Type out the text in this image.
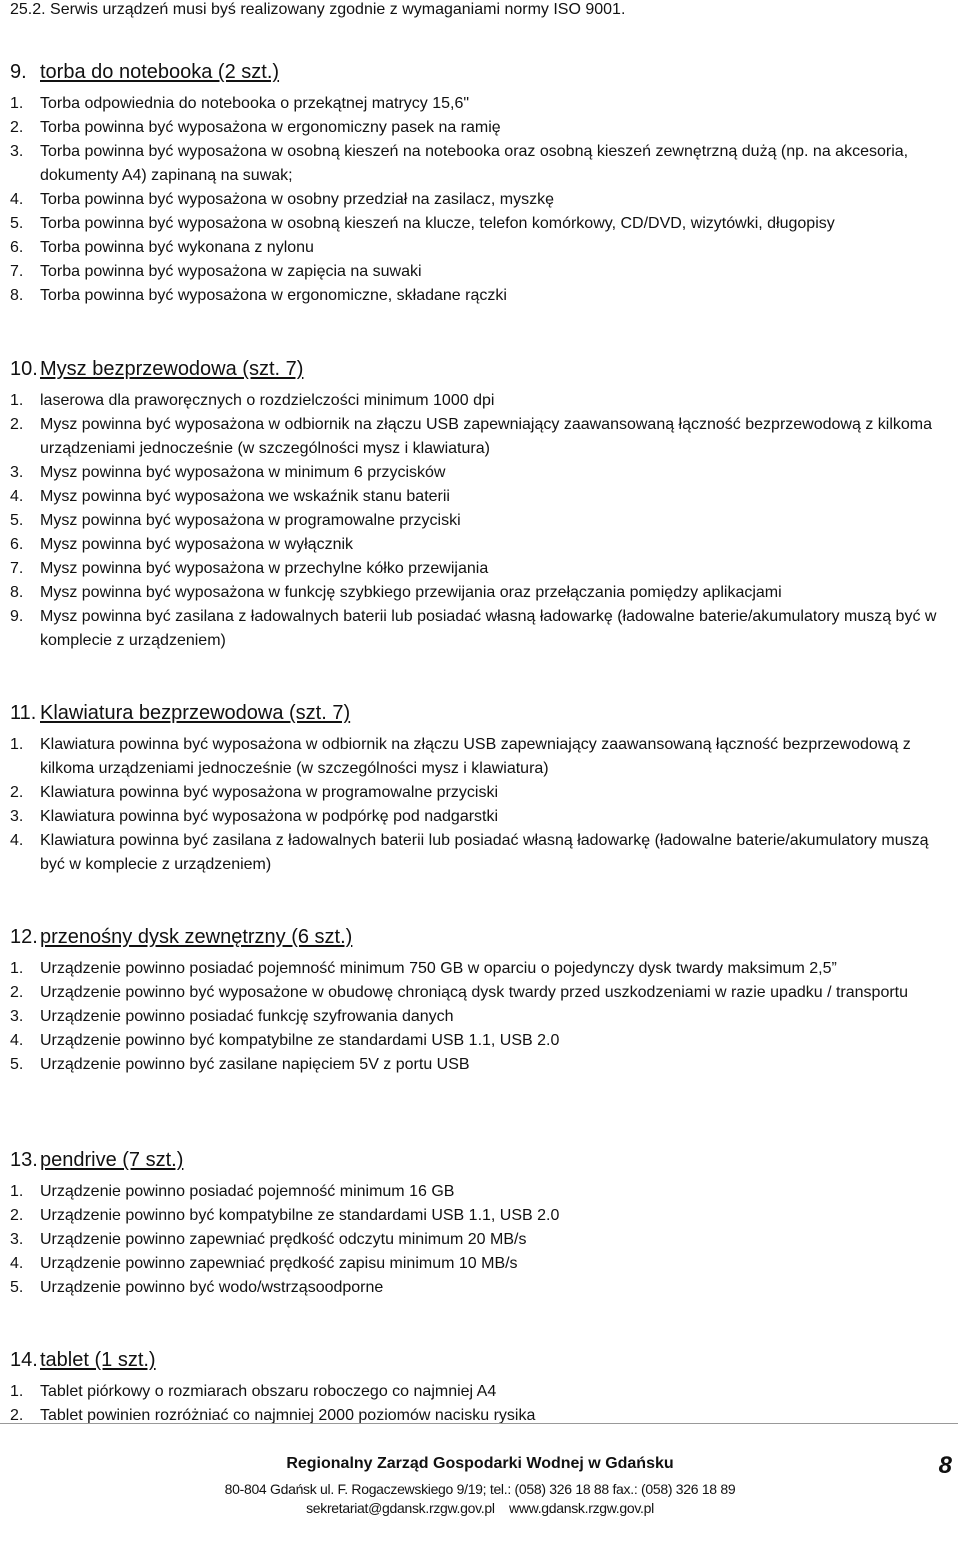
25.2. Serwis urządzeń musi byś realizowany zgodnie z wymaganiami normy ISO 9001.
9. torba do notebooka (2 szt.)
1.	Torba odpowiednia do notebooka o przekątnej matrycy 15,6"
2.	Torba powinna być wyposażona w ergonomiczny pasek na ramię
3.	Torba powinna być wyposażona w osobną kieszeń na notebooka oraz osobną kieszeń zewnętrzną dużą (np. na akcesoria, dokumenty A4) zapinaną na suwak;
4.	Torba powinna być wyposażona w osobny przedział na zasilacz, myszkę
5.	Torba powinna być wyposażona w osobną kieszeń na klucze, telefon komórkowy, CD/DVD, wizytówki, długopisy
6.	Torba powinna być wykonana z nylonu
7.	Torba powinna być wyposażona w zapięcia na suwaki
8.	Torba powinna być wyposażona w ergonomiczne, składane rączki
10. Mysz bezprzewodowa (szt. 7)
1.	laserowa dla praworęcznych o rozdzielczości minimum 1000 dpi
2.	Mysz powinna być wyposażona w odbiornik na złączu USB zapewniający zaawansowaną łączność bezprzewodową z kilkoma urządzeniami jednocześnie (w szczególności mysz i klawiatura)
3.	Mysz powinna być wyposażona w minimum 6 przycisków
4.	Mysz powinna być wyposażona we wskaźnik stanu baterii
5.	Mysz powinna być wyposażona w programowalne przyciski
6.	Mysz powinna być wyposażona w wyłącznik
7.	Mysz powinna być wyposażona w przechylne kółko przewijania
8.	Mysz powinna być wyposażona w funkcję szybkiego przewijania oraz przełączania pomiędzy aplikacjami
9.	Mysz powinna być zasilana z ładowalnych baterii lub posiadać własną ładowarkę (ładowalne baterie/akumulatory muszą być w komplecie z urządzeniem)
11. Klawiatura bezprzewodowa (szt. 7)
1.	Klawiatura powinna być wyposażona w odbiornik na złączu USB zapewniający zaawansowaną łączność bezprzewodową z kilkoma urządzeniami jednocześnie (w szczególności mysz i klawiatura)
2.	Klawiatura powinna być wyposażona w programowalne przyciski
3.	Klawiatura powinna być wyposażona w podpórkę pod nadgarstki
4.	Klawiatura powinna być zasilana z ładowalnych baterii lub posiadać własną ładowarkę (ładowalne baterie/akumulatory muszą być w komplecie z urządzeniem)
12. przenośny dysk zewnętrzny (6 szt.)
1.	Urządzenie powinno posiadać pojemność minimum 750 GB w oparciu o pojedynczy dysk twardy maksimum 2,5”
2.	Urządzenie powinno być wyposażone w obudowę chroniącą dysk twardy przed uszkodzeniami w razie upadku / transportu
3.	Urządzenie powinno posiadać funkcję szyfrowania danych
4.	Urządzenie powinno być kompatybilne ze standardami USB 1.1, USB 2.0
5.	Urządzenie powinno być zasilane napięciem 5V z portu USB
13. pendrive (7 szt.)
1.	Urządzenie powinno posiadać pojemność minimum 16 GB
2.	Urządzenie powinno być kompatybilne ze standardami USB 1.1, USB 2.0
3.	Urządzenie powinno zapewniać prędkość odczytu minimum 20 MB/s
4.	Urządzenie powinno zapewniać prędkość zapisu minimum 10 MB/s
5.	Urządzenie powinno być wodo/wstrząsoodporne
14. tablet (1 szt.)
1.	Tablet piórkowy o rozmiarach obszaru roboczego co najmniej A4
2.	Tablet powinien rozróżniać co najmniej 2000 poziomów nacisku rysika
Regionalny Zarząd Gospodarki Wodnej w Gdańsku
80-804 Gdańsk ul. F. Rogaczewskiego 9/19; tel.: (058) 326 18 88 fax.: (058) 326 18 89
sekretariat@gdansk.rzgw.gov.pl www.gdansk.rzgw.gov.pl
8
